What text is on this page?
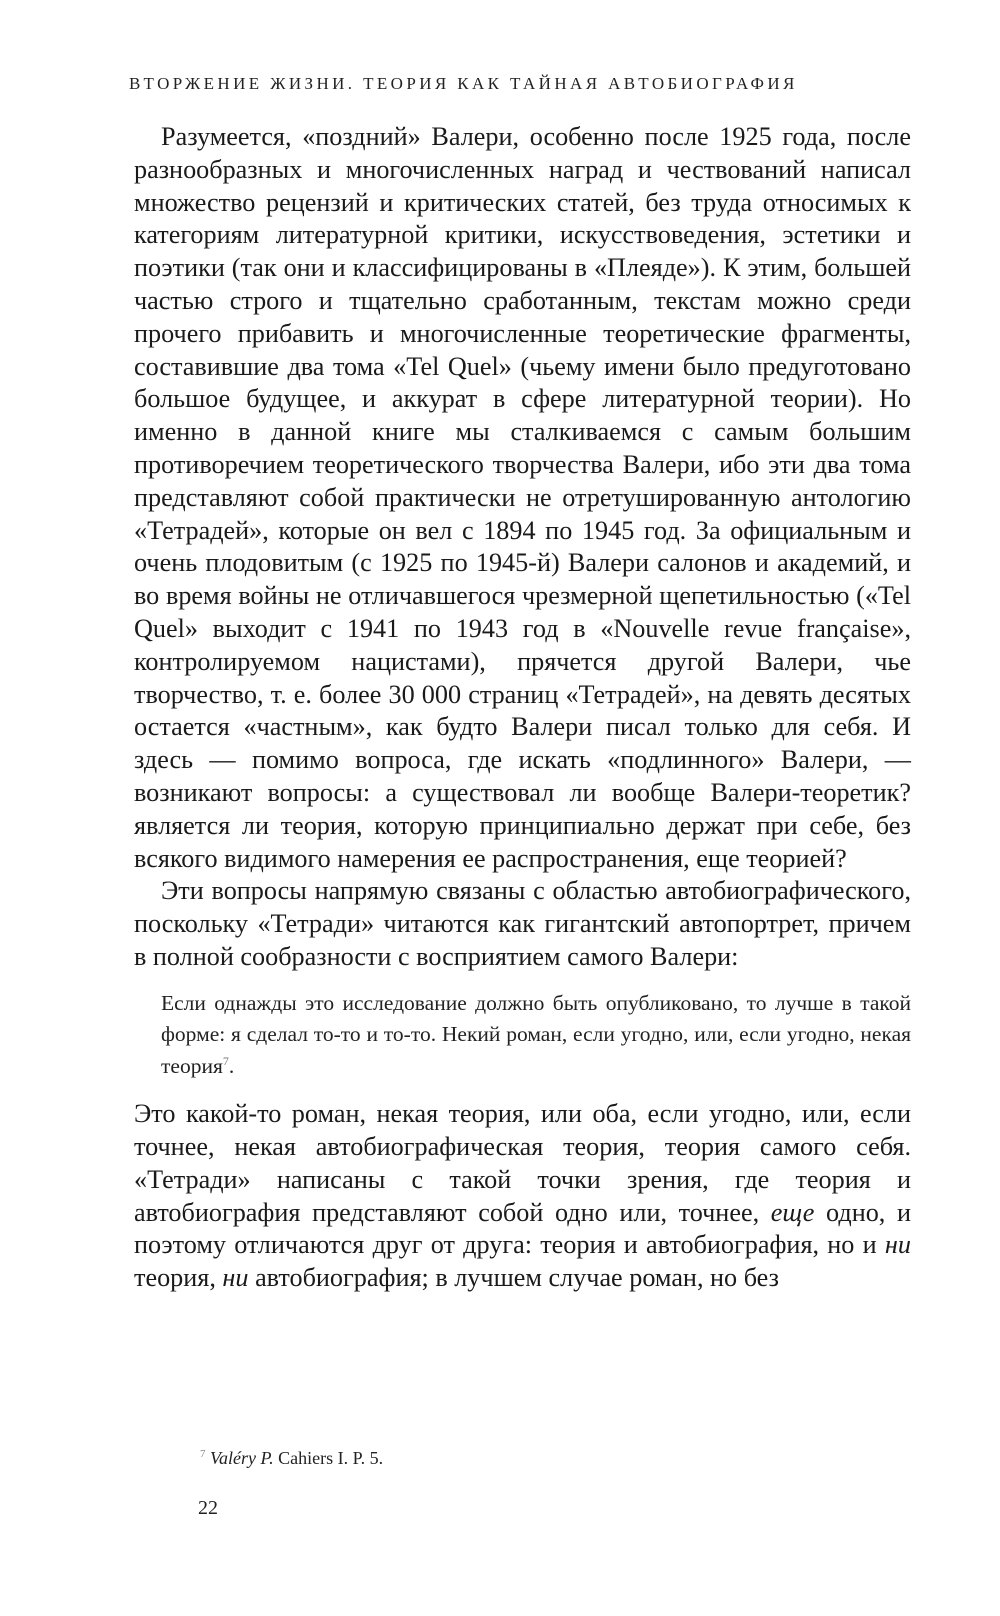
ВТОРЖЕНИЕ ЖИЗНИ. ТЕОРИЯ КАК ТАЙНАЯ АВТОБИОГРАФИЯ

Разумеется, «поздний» Валери, особенно после 1925 года, после разнообразных и многочисленных наград и чествований написал множество рецензий и критических статей, без труда относимых к категориям литературной критики, искусствоведения, эстетики и поэтики (так они и классифицированы в «Плеяде»). К этим, большей частью строго и тщательно сработанным, текстам можно среди прочего прибавить и многочисленные теоретические фрагменты, составившие два тома «Tel Quel» (чьему имени было предуготовано большое будущее, и аккурат в сфере литературной теории). Но именно в данной книге мы сталкиваемся с самым большим противоречием теоретического творчества Валери, ибо эти два тома представляют собой практически не отретушированную антологию «Тетрадей», которые он вел с 1894 по 1945 год. За официальным и очень плодовитым (с 1925 по 1945-й) Валери салонов и академий, и во время войны не отличавшегося чрезмерной щепетильностью («Tel Quel» выходит с 1941 по 1943 год в «Nouvelle revue française», контролируемом нацистами), прячется другой Валери, чье творчество, т. е. более 30 000 страниц «Тетрадей», на девять десятых остается «частным», как будто Валери писал только для себя. И здесь — помимо вопроса, где искать «подлинного» Валери, — возникают вопросы: а существовал ли вообще Валери-теоретик? является ли теория, которую принципиально держат при себе, без всякого видимого намерения ее распространения, еще теорией?

Эти вопросы напрямую связаны с областью автобиографического, поскольку «Тетради» читаются как гигантский автопортрет, причем в полной сообразности с восприятием самого Валери:

Если однажды это исследование должно быть опубликовано, то лучше в такой форме: я сделал то-то и то-то. Некий роман, если угодно, или, если угодно, некая теория$^7$.

Это какой-то роман, некая теория, или оба, если угодно, или, если точнее, некая автобиографическая теория, теория самого себя. «Тетради» написаны с такой точки зрения, где теория и автобиография представляют собой одно или, точнее, еще одно, и поэтому отличаются друг от друга: теория и автобиография, но и ни теория, ни автобиография; в лучшем случае роман, но без

$^7$ Valéry P. Cahiers I. P. 5.
22
